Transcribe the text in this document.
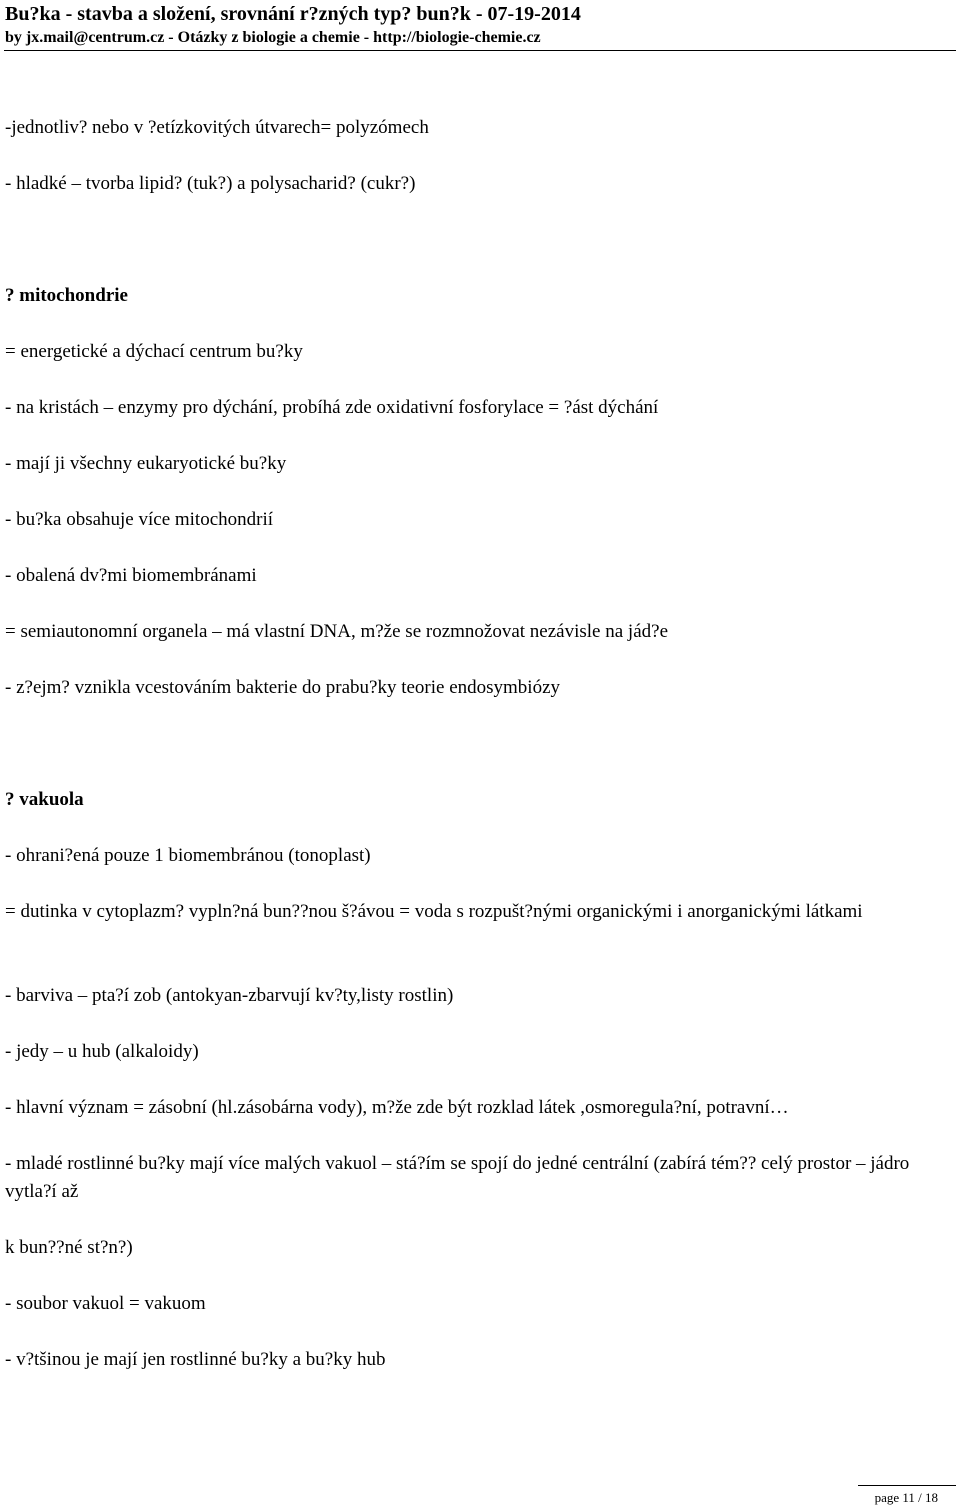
Bu?ka - stavba a složení, srovnání r?zných typ? bun?k - 07-19-2014
by jx.mail@centrum.cz - Otázky z biologie a chemie - http://biologie-chemie.cz
-jednotliv? nebo v ?etízkovitých útvarech= polyzómech
- hladké – tvorba lipid? (tuk?) a polysacharid? (cukr?)
? mitochondrie
= energetické a dýchací centrum bu?ky
- na kristách – enzymy pro dýchání, probíhá zde oxidativní fosforylace = ?ást dýchání
- mají ji všechny eukaryotické bu?ky
- bu?ka obsahuje více mitochondrií
- obalená dv?mi biomembránami
= semiautonomní organela – má vlastní DNA, m?že se rozmnožovat nezávisle na jád?e
- z?ejm? vznikla vcestováním bakterie do prabu?ky teorie endosymbiózy
? vakuola
- ohrani?ená pouze 1 biomembránou (tonoplast)
= dutinka v cytoplazm? vypln?ná bun??nou š?ávou = voda s rozpušt?nými organickými i anorganickými látkami
- barviva – pta?í zob (antokyan-zbarvují kv?ty,listy rostlin)
- jedy – u hub (alkaloidy)
- hlavní význam = zásobní (hl.zásobárna vody), m?že zde být rozklad látek ,osmoregula?ní, potravní…
- mladé rostlinné bu?ky mají více malých vakuol – stá?ím se spojí do jedné centrální (zabírá tém?? celý prostor – jádro vytla?í až
k bun??né st?n?)
- soubor vakuol = vakuom
- v?tšinou je mají jen rostlinné bu?ky a bu?ky hub
page 11 / 18
